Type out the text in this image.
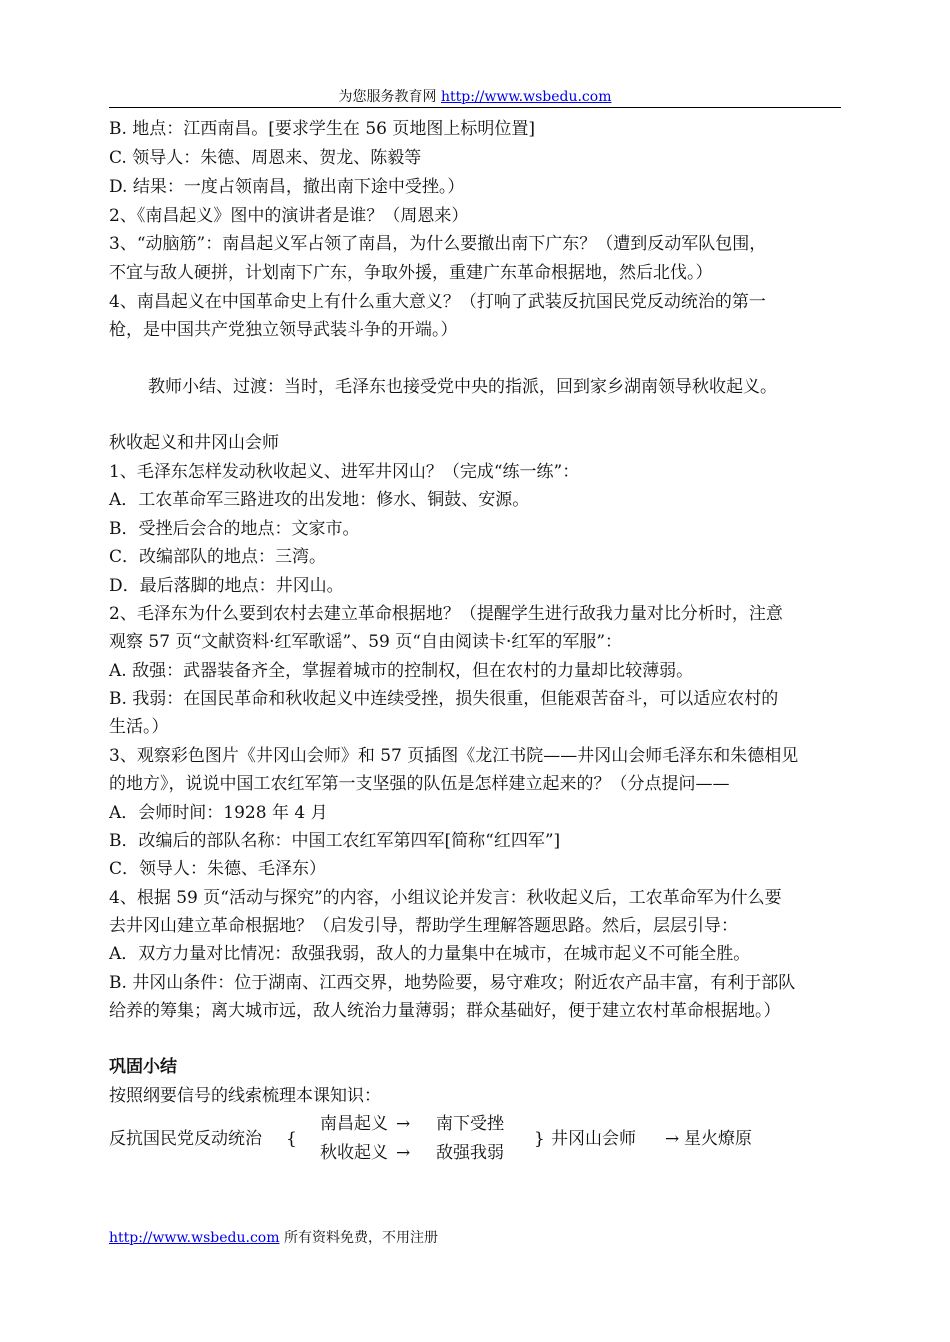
为您服务教育网 http://www.wsbedu.com
B. 地点：江西南昌。[要求学生在 56 页地图上标明位置]
C. 领导人：朱德、周恩来、贺龙、陈毅等
D. 结果：一度占领南昌，撤出南下途中受挫。）
2、《南昌起义》图中的演讲者是谁？（周恩来）
3、“动脑筋”：南昌起义军占领了南昌，为什么要撤出南下广东？（遭到反动军队包围，
不宜与敌人硬拼，计划南下广东，争取外援，重建广东革命根据地，然后北伐。）
4、南昌起义在中国革命史上有什么重大意义？（打响了武装反抗国民党反动统治的第一
枪，是中国共产党独立领导武装斗争的开端。）
教师小结、过渡：当时，毛泽东也接受党中央的指派，回到家乡湖南领导秋收起义。
秋收起义和井冈山会师
1、毛泽东怎样发动秋收起义、进军井冈山？（完成“练一练”：
A．工农革命军三路进攻的出发地：修水、铜鼓、安源。
B．受挫后会合的地点：文家市。
C．改编部队的地点：三湾。
D．最后落脚的地点：井冈山。
2、毛泽东为什么要到农村去建立革命根据地？（提醒学生进行敌我力量对比分析时，注意
观察 57 页“文献资料·红军歌谣”、59 页“自由阅读卡·红军的军服”：
A. 敌强：武器装备齐全，掌握着城市的控制权，但在农村的力量却比较薄弱。
B. 我弱：在国民革命和秋收起义中连续受挫，损失很重，但能艰苦奋斗，可以适应农村的
生活。）
3、观察彩色图片《井冈山会师》和 57 页插图《龙江书院——井冈山会师毛泽东和朱德相见
的地方》，说说中国工农红军第一支坚强的队伍是怎样建立起来的？（分点提问——
A．会师时间：1928 年 4 月
B．改编后的部队名称：中国工农红军第四军[简称“红四军”]
C．领导人：朱德、毛泽东）
4、根据 59 页“活动与探究”的内容，小组议论并发言：秋收起义后，工农革命军为什么要
去井冈山建立革命根据地？（启发引导，帮助学生理解答题思路。然后，层层引导：
A．双方力量对比情况：敌强我弱，敌人的力量集中在城市，在城市起义不可能全胜。
B. 井冈山条件：位于湖南、江西交界，地势险要，易守难攻；附近农产品丰富，有利于部队
给养的筹集；离大城市远，敌人统治力量薄弱；群众基础好，便于建立农村革命根据地。）
巩固小结
按照纲要信号的线索梳理本课知识：
反抗国民党反动统治 {
南昌起义 → 南下受挫
秋收起义 → 敌强我弱
} 井冈山会师 → 星火燎原
http://www.wsbedu.com 所有资料免费，不用注册
